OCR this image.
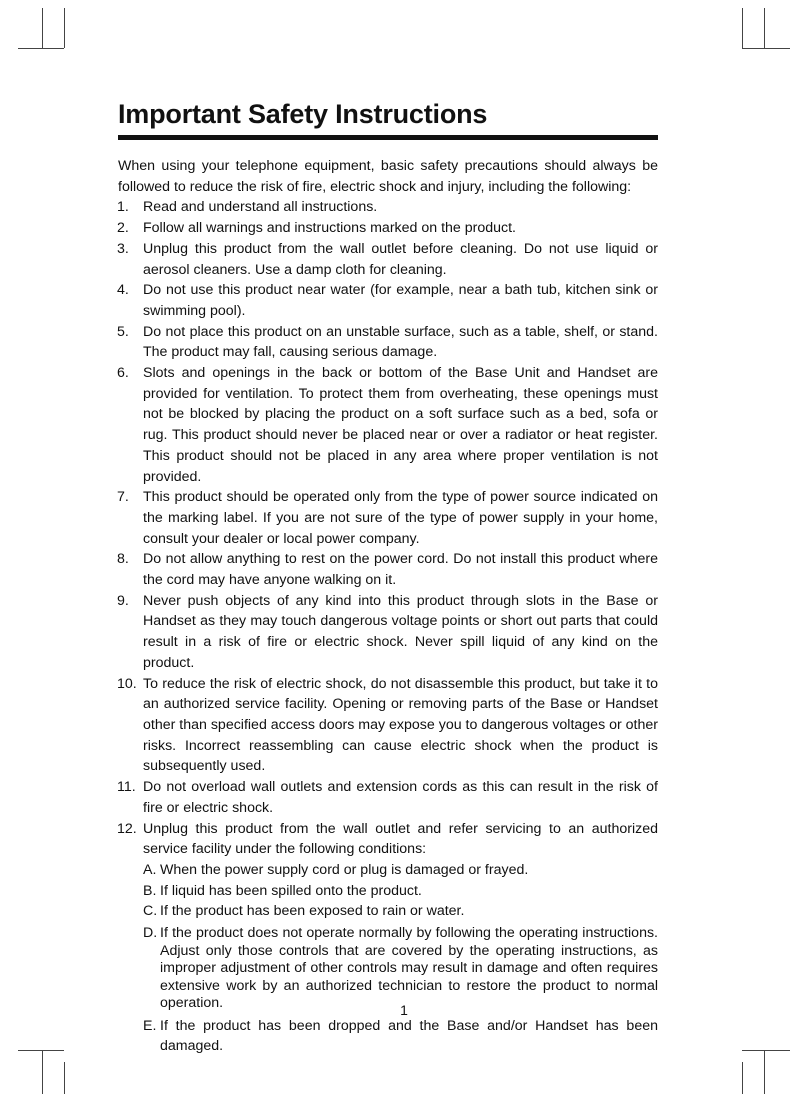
Important Safety Instructions

When using your telephone equipment, basic safety precautions should always be followed to reduce the risk of fire, electric shock and injury, including the following:

1. Read and understand all instructions.
2. Follow all warnings and instructions marked on the product.
3. Unplug this product from the wall outlet before cleaning. Do not use liquid or aerosol cleaners. Use a damp cloth for cleaning.
4. Do not use this product near water (for example, near a bath tub, kitchen sink or swimming pool).
5. Do not place this product on an unstable surface, such as a table, shelf, or stand. The product may fall, causing serious damage.
6. Slots and openings in the back or bottom of the Base Unit and Handset are provided for ventilation. To protect them from overheating, these openings must not be blocked by placing the product on a soft surface such as a bed, sofa or rug. This product should never be placed near or over a radiator or heat register. This product should not be placed in any area where proper ventilation is not provided.
7. This product should be operated only from the type of power source indicated on the marking label. If you are not sure of the type of power supply in your home, consult your dealer or local power company.
8. Do not allow anything to rest on the power cord. Do not install this product where the cord may have anyone walking on it.
9. Never push objects of any kind into this product through slots in the Base or Handset as they may touch dangerous voltage points or short out parts that could result in a risk of fire or electric shock. Never spill liquid of any kind on the product.
10. To reduce the risk of electric shock, do not disassemble this product, but take it to an authorized service facility. Opening or removing parts of the Base or Handset other than specified access doors may expose you to dangerous voltages or other risks. Incorrect reassembling can cause electric shock when the product is subsequently used.
11. Do not overload wall outlets and extension cords as this can result in the risk of fire or electric shock.
12. Unplug this product from the wall outlet and refer servicing to an authorized service facility under the following conditions:
A. When the power supply cord or plug is damaged or frayed.
B. If liquid has been spilled onto the product.
C. If the product has been exposed to rain or water.
D. If the product does not operate normally by following the operating instructions. Adjust only those controls that are covered by the operating instructions, as improper adjustment of other controls may result in damage and often requires extensive work by an authorized technician to restore the product to normal operation.
E. If the product has been dropped and the Base and/or Handset has been damaged.
1
